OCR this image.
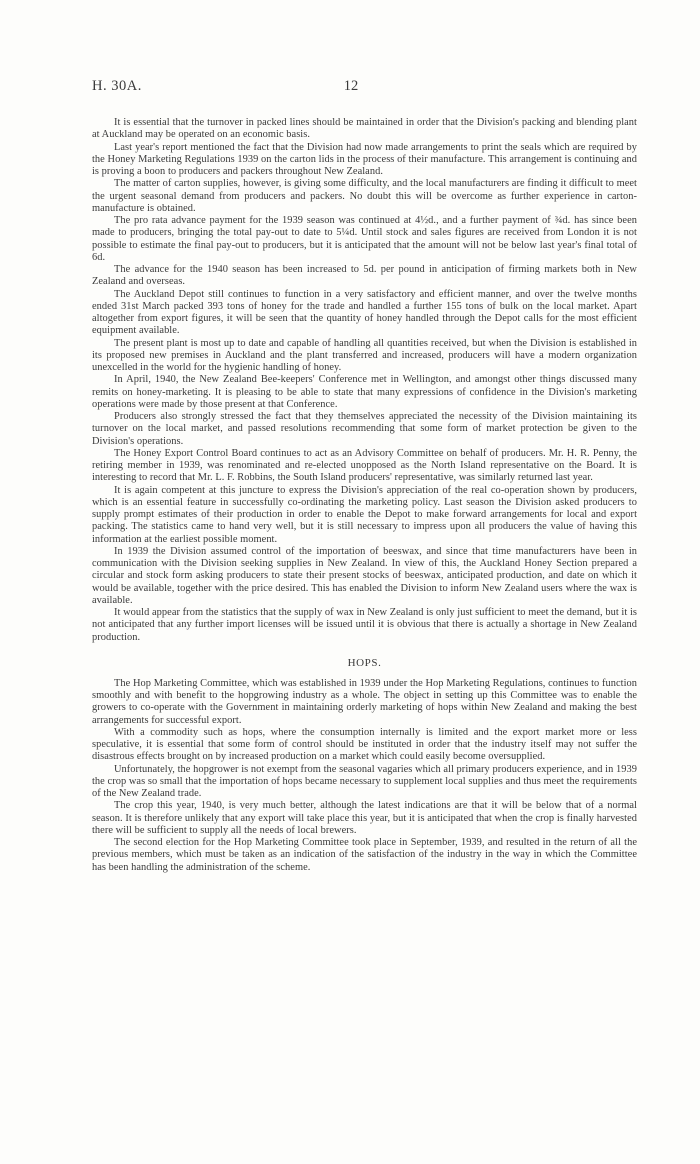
H. 30A.	12

It is essential that the turnover in packed lines should be maintained in order that the Division's packing and blending plant at Auckland may be operated on an economic basis.

Last year's report mentioned the fact that the Division had now made arrangements to print the seals which are required by the Honey Marketing Regulations 1939 on the carton lids in the process of their manufacture. This arrangement is continuing and is proving a boon to producers and packers throughout New Zealand.

The matter of carton supplies, however, is giving some difficulty, and the local manufacturers are finding it difficult to meet the urgent seasonal demand from producers and packers. No doubt this will be overcome as further experience in carton-manufacture is obtained.

The pro rata advance payment for the 1939 season was continued at 4½d., and a further payment of ¾d. has since been made to producers, bringing the total pay-out to date to 5¼d. Until stock and sales figures are received from London it is not possible to estimate the final pay-out to producers, but it is anticipated that the amount will not be below last year's final total of 6d.

The advance for the 1940 season has been increased to 5d. per pound in anticipation of firming markets both in New Zealand and overseas.

The Auckland Depot still continues to function in a very satisfactory and efficient manner, and over the twelve months ended 31st March packed 393 tons of honey for the trade and handled a further 155 tons of bulk on the local market. Apart altogether from export figures, it will be seen that the quantity of honey handled through the Depot calls for the most efficient equipment available.

The present plant is most up to date and capable of handling all quantities received, but when the Division is established in its proposed new premises in Auckland and the plant transferred and increased, producers will have a modern organization unexcelled in the world for the hygienic handling of honey.

In April, 1940, the New Zealand Bee-keepers' Conference met in Wellington, and amongst other things discussed many remits on honey-marketing. It is pleasing to be able to state that many expressions of confidence in the Division's marketing operations were made by those present at that Conference.

Producers also strongly stressed the fact that they themselves appreciated the necessity of the Division maintaining its turnover on the local market, and passed resolutions recommending that some form of market protection be given to the Division's operations.

The Honey Export Control Board continues to act as an Advisory Committee on behalf of producers. Mr. H. R. Penny, the retiring member in 1939, was renominated and re-elected unopposed as the North Island representative on the Board. It is interesting to record that Mr. L. F. Robbins, the South Island producers' representative, was similarly returned last year.

It is again competent at this juncture to express the Division's appreciation of the real co-operation shown by producers, which is an essential feature in successfully co-ordinating the marketing policy. Last season the Division asked producers to supply prompt estimates of their production in order to enable the Depot to make forward arrangements for local and export packing. The statistics came to hand very well, but it is still necessary to impress upon all producers the value of having this information at the earliest possible moment.

In 1939 the Division assumed control of the importation of beeswax, and since that time manufacturers have been in communication with the Division seeking supplies in New Zealand. In view of this, the Auckland Honey Section prepared a circular and stock form asking producers to state their present stocks of beeswax, anticipated production, and date on which it would be available, together with the price desired. This has enabled the Division to inform New Zealand users where the wax is available.

It would appear from the statistics that the supply of wax in New Zealand is only just sufficient to meet the demand, but it is not anticipated that any further import licenses will be issued until it is obvious that there is actually a shortage in New Zealand production.

HOPS.

The Hop Marketing Committee, which was established in 1939 under the Hop Marketing Regulations, continues to function smoothly and with benefit to the hopgrowing industry as a whole. The object in setting up this Committee was to enable the growers to co-operate with the Government in maintaining orderly marketing of hops within New Zealand and making the best arrangements for successful export.

With a commodity such as hops, where the consumption internally is limited and the export market more or less speculative, it is essential that some form of control should be instituted in order that the industry itself may not suffer the disastrous effects brought on by increased production on a market which could easily become oversupplied.

Unfortunately, the hopgrower is not exempt from the seasonal vagaries which all primary producers experience, and in 1939 the crop was so small that the importation of hops became necessary to supplement local supplies and thus meet the requirements of the New Zealand trade.

The crop this year, 1940, is very much better, although the latest indications are that it will be below that of a normal season. It is therefore unlikely that any export will take place this year, but it is anticipated that when the crop is finally harvested there will be sufficient to supply all the needs of local brewers.

The second election for the Hop Marketing Committee took place in September, 1939, and resulted in the return of all the previous members, which must be taken as an indication of the satisfaction of the industry in the way in which the Committee has been handling the administration of the scheme.
